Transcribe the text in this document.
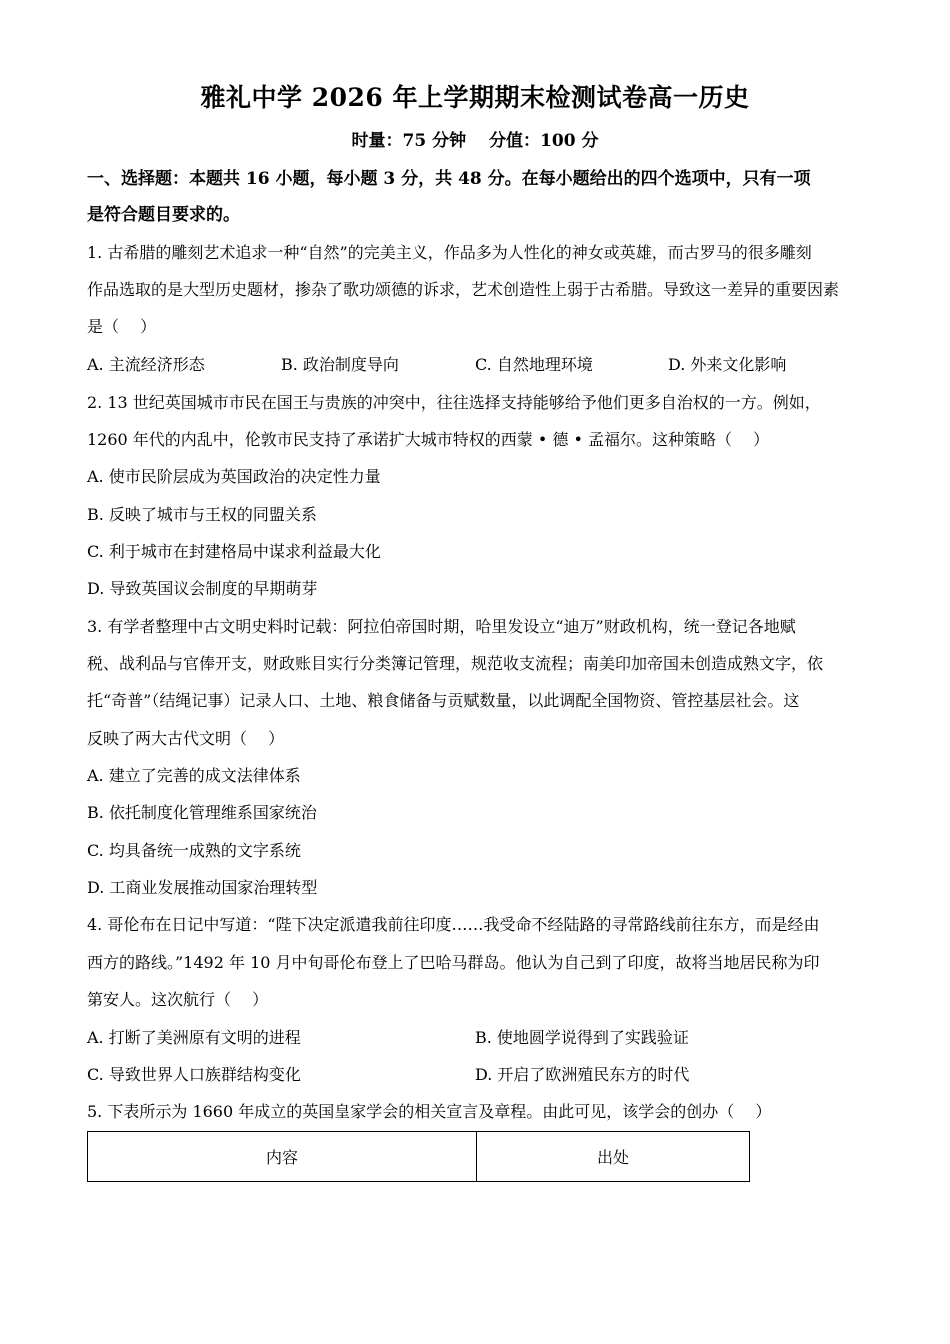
雅礼中学 2026 年上学期期末检测试卷高一历史
时量：75 分钟　 分值：100 分
一、选择题：本题共 16 小题，每小题 3 分，共 48 分。在每小题给出的四个选项中，只有一项
是符合题目要求的。
1. 古希腊的雕刻艺术追求一种“自然”的完美主义，作品多为人性化的神女或英雄，而古罗马的很多雕刻
作品选取的是大型历史题材，掺杂了歌功颂德的诉求，艺术创造性上弱于古希腊。导致这一差异的重要因素
是（　 ）
A. 主流经济形态	B. 政治制度导向	C. 自然地理环境	D. 外来文化影响
2. 13 世纪英国城市市民在国王与贵族的冲突中，往往选择支持能够给予他们更多自治权的一方。例如，
1260 年代的内乱中，伦敦市民支持了承诺扩大城市特权的西蒙 • 德 • 孟福尔。这种策略（　 ）
A. 使市民阶层成为英国政治的决定性力量
B. 反映了城市与王权的同盟关系
C. 利于城市在封建格局中谋求利益最大化
D. 导致英国议会制度的早期萌芽
3. 有学者整理中古文明史料时记载：阿拉伯帝国时期，哈里发设立“迪万”财政机构，统一登记各地赋
税、战利品与官俸开支，财政账目实行分类簿记管理，规范收支流程；南美印加帝国未创造成熟文字，依
托“奇普”（结绳记事）记录人口、土地、粮食储备与贡赋数量，以此调配全国物资、管控基层社会。这
反映了两大古代文明（　 ）
A. 建立了完善的成文法律体系
B. 依托制度化管理维系国家统治
C. 均具备统一成熟的文字系统
D. 工商业发展推动国家治理转型
4. 哥伦布在日记中写道：“陛下决定派遣我前往印度……我受命不经陆路的寻常路线前往东方，而是经由
西方的路线。”1492 年 10 月中旬哥伦布登上了巴哈马群岛。他认为自己到了印度，故将当地居民称为印
第安人。这次航行（　 ）
A. 打断了美洲原有文明的进程	B. 使地圆学说得到了实践验证
C. 导致世界人口族群结构变化	D. 开启了欧洲殖民东方的时代
5. 下表所示为 1660 年成立的英国皇家学会的相关宣言及章程。由此可见，该学会的创办（　 ）
内容	出处
